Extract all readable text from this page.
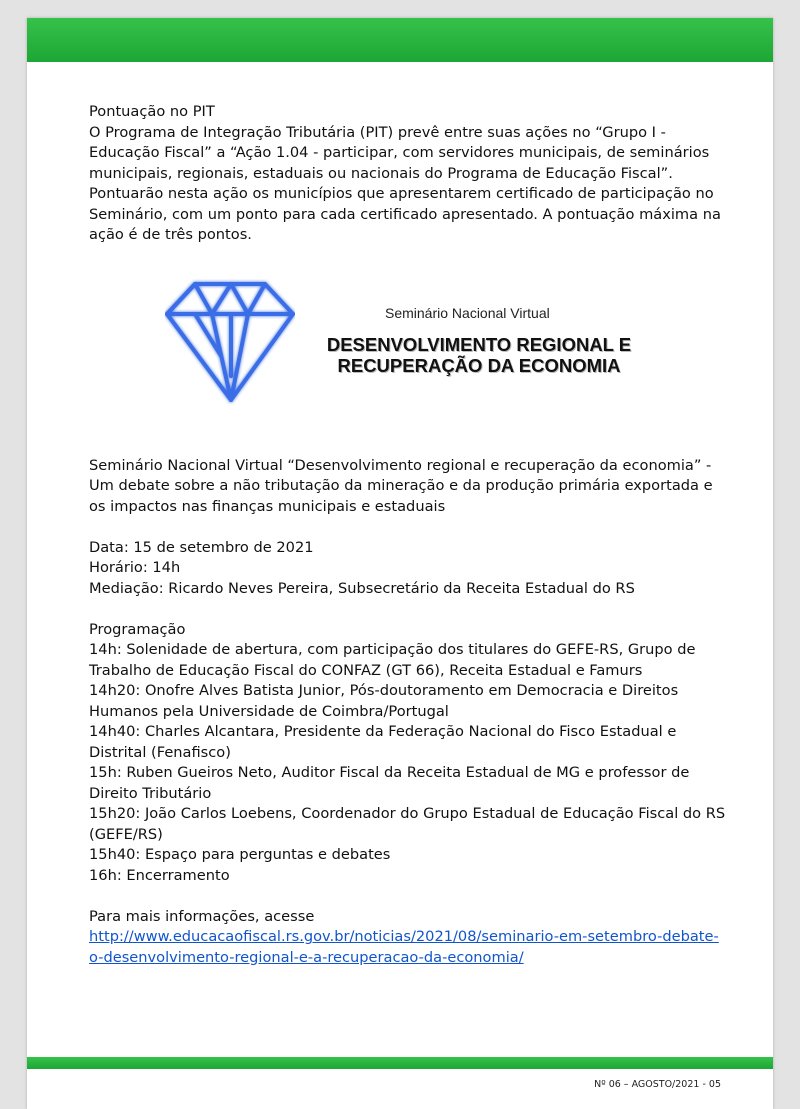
Pontuação no PIT

O Programa de Integração Tributária (PIT) prevê entre suas ações no “Grupo I - Educação Fiscal” a “Ação 1.04 - participar, com servidores municipais, de seminários municipais, regionais, estaduais ou nacionais do Programa de Educação Fiscal”. Pontuarão nesta ação os municípios que apresentarem certificado de participação no Seminário, com um ponto para cada certificado apresentado. A pontuação máxima na ação é de três pontos.

Seminário Nacional Virtual
DESENVOLVIMENTO REGIONAL E
RECUPERAÇÃO DA ECONOMIA

Seminário Nacional Virtual “Desenvolvimento regional e recuperação da economia” - Um debate sobre a não tributação da mineração e da produção primária exportada e os impactos nas finanças municipais e estaduais

Data: 15 de setembro de 2021

Horário: 14h

Mediação: Ricardo Neves Pereira, Subsecretário da Receita Estadual do RS

Programação

14h: Solenidade de abertura, com participação dos titulares do GEFE-RS, Grupo de Trabalho de Educação Fiscal do CONFAZ (GT 66), Receita Estadual e Famurs

14h20: Onofre Alves Batista Junior, Pós-doutoramento em Democracia e Direitos Humanos pela Universidade de Coimbra/Portugal

14h40: Charles Alcantara, Presidente da Federação Nacional do Fisco Estadual e Distrital (Fenafisco)

15h: Ruben Gueiros Neto, Auditor Fiscal da Receita Estadual de MG e professor de Direito Tributário

15h20: João Carlos Loebens, Coordenador do Grupo Estadual de Educação Fiscal do RS (GEFE/RS)

15h40: Espaço para perguntas e debates

16h: Encerramento

Para mais informações, acesse

http://www.educacaofiscal.rs.gov.br/noticias/2021/08/seminario-em-setembro-debate-o-desenvolvimento-regional-e-a-recuperacao-da-economia/

Nº 06 – AGOSTO/2021 - 05
